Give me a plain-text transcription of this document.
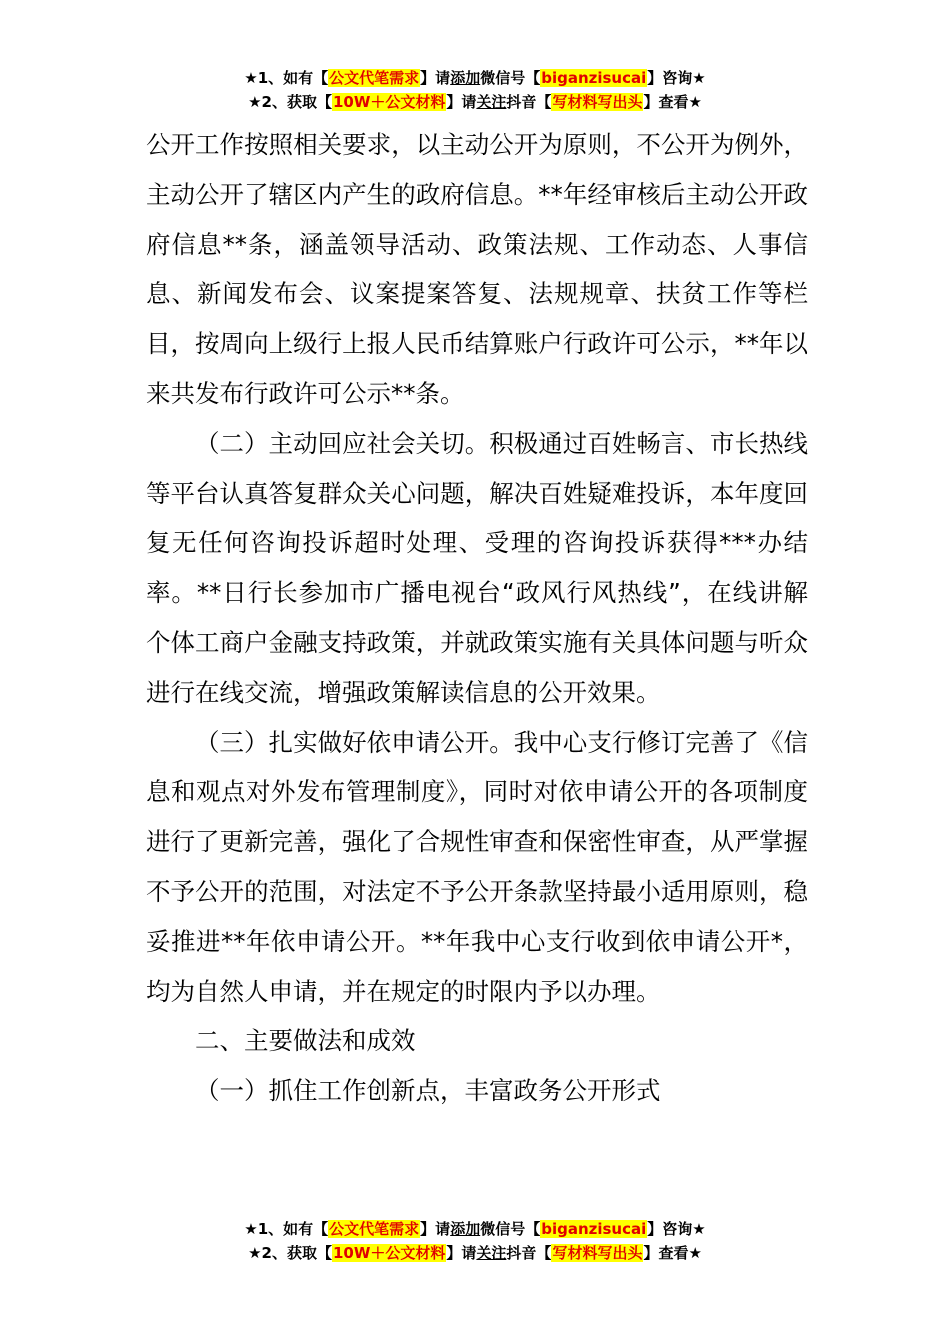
★1、如有【公文代笔需求】请添加微信号【biganzisucai】咨询★
★2、获取【10W＋公文材料】请关注抖音【写材料写出头】查看★

公开工作按照相关要求，以主动公开为原则，不公开为例外，主动公开了辖区内产生的政府信息。**年经审核后主动公开政府信息**条，涵盖领导活动、政策法规、工作动态、人事信息、新闻发布会、议案提案答复、法规规章、扶贫工作等栏目，按周向上级行上报人民币结算账户行政许可公示，**年以来共发布行政许可公示**条。

（二）主动回应社会关切。积极通过百姓畅言、市长热线等平台认真答复群众关心问题，解决百姓疑难投诉，本年度回复无任何咨询投诉超时处理、受理的咨询投诉获得***办结率。**日行长参加市广播电视台“政风行风热线”，在线讲解个体工商户金融支持政策，并就政策实施有关具体问题与听众进行在线交流，增强政策解读信息的公开效果。

（三）扎实做好依申请公开。我中心支行修订完善了《信息和观点对外发布管理制度》，同时对依申请公开的各项制度进行了更新完善，强化了合规性审查和保密性审查，从严掌握不予公开的范围，对法定不予公开条款坚持最小适用原则，稳妥推进**年依申请公开。**年我中心支行收到依申请公开*，均为自然人申请，并在规定的时限内予以办理。

二、主要做法和成效

（一）抓住工作创新点，丰富政务公开形式

★1、如有【公文代笔需求】请添加微信号【biganzisucai】咨询★
★2、获取【10W＋公文材料】请关注抖音【写材料写出头】查看★
